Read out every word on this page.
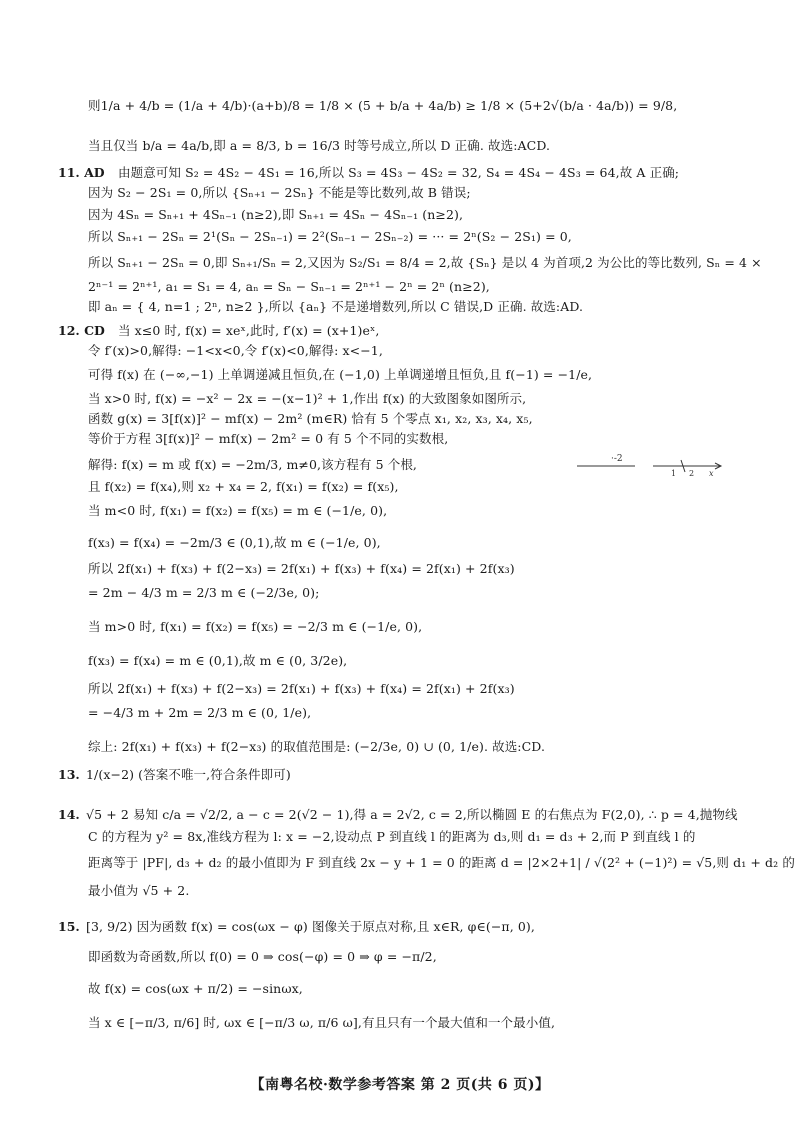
则1/a + 4/b = (1/a + 4/b)·(a+b)/8 = 1/8 × (5 + b/a + 4a/b) ≥ 1/8 × (5+2√(b/a · 4a/b)) = 9/8,
当且仅当 b/a = 4a/b,即 a = 8/3, b = 16/3 时等号成立,所以 D 正确. 故选:ACD.
11. AD 由题意可知 S₂ = 4S₂ − 4S₁ = 16,所以 S₃ = 4S₃ − 4S₂ = 32, S₄ = 4S₄ − 4S₃ = 64,故 A 正确;
因为 S₂ − 2S₁ = 0,所以 {Sₙ₊₁ − 2Sₙ} 不能是等比数列,故 B 错误;
因为 4Sₙ = Sₙ₊₁ + 4Sₙ₋₁ (n≥2),即 Sₙ₊₁ = 4Sₙ − 4Sₙ₋₁ (n≥2),
所以 Sₙ₊₁ − 2Sₙ = 2¹(Sₙ − 2Sₙ₋₁) = 2²(Sₙ₋₁ − 2Sₙ₋₂) = ··· = 2ⁿ(S₂ − 2S₁) = 0,
所以 Sₙ₊₁ − 2Sₙ = 0,即 Sₙ₊₁/Sₙ = 2,又因为 S₂/S₁ = 8/4 = 2,故 {Sₙ} 是以 4 为首项,2 为公比的等比数列, Sₙ = 4 ×
2ⁿ⁻¹ = 2ⁿ⁺¹, a₁ = S₁ = 4, aₙ = Sₙ − Sₙ₋₁ = 2ⁿ⁺¹ − 2ⁿ = 2ⁿ (n≥2),
即 aₙ = { 4, n=1 ; 2ⁿ, n≥2 },所以 {aₙ} 不是递增数列,所以 C 错误,D 正确. 故选:AD.
12. CD 当 x≤0 时, f(x) = xeˣ,此时, f′(x) = (x+1)eˣ,
令 f′(x)>0,解得: −1<x<0,令 f′(x)<0,解得: x<−1,
可得 f(x) 在 (−∞,−1) 上单调递减且恒负,在 (−1,0) 上单调递增且恒负,且 f(−1) = −1/e,
当 x>0 时, f(x) = −x² − 2x = −(x−1)² + 1,作出 f(x) 的大致图象如图所示,
函数 g(x) = 3[f(x)]² − mf(x) − 2m² (m∈R) 恰有 5 个零点 x₁, x₂, x₃, x₄, x₅,
等价于方程 3[f(x)]² − mf(x) − 2m² = 0 有 5 个不同的实数根,
解得: f(x) = m 或 f(x) = −2m/3, m≠0,该方程有 5 个根,
且 f(x₂) = f(x₄),则 x₂ + x₄ = 2, f(x₁) = f(x₂) = f(x₅),
当 m<0 时, f(x₁) = f(x₂) = f(x₅) = m ∈ (−1/e, 0),
f(x₃) = f(x₄) = −2m/3 ∈ (0,1),故 m ∈ (−1/e, 0),
所以 2f(x₁) + f(x₃) + f(2−x₃) = 2f(x₁) + f(x₃) + f(x₄) = 2f(x₁) + 2f(x₃)
= 2m − 4/3 m = 2/3 m ∈ (−2/3e, 0);
当 m>0 时, f(x₁) = f(x₂) = f(x₅) = −2/3 m ∈ (−1/e, 0),
f(x₃) = f(x₄) = m ∈ (0,1),故 m ∈ (0, 3/2e),
所以 2f(x₁) + f(x₃) + f(2−x₃) = 2f(x₁) + f(x₃) + f(x₄) = 2f(x₁) + 2f(x₃)
= −4/3 m + 2m = 2/3 m ∈ (0, 1/e),
综上: 2f(x₁) + f(x₃) + f(2−x₃) 的取值范围是: (−2/3e, 0) ∪ (0, 1/e). 故选:CD.
13. 1/(x−2) (答案不唯一,符合条件即可)
14. √5 + 2 易知 c/a = √2/2, a − c = 2(√2 − 1),得 a = 2√2, c = 2,所以椭圆 E 的右焦点为 F(2,0), ∴ p = 4,抛物线
C 的方程为 y² = 8x,准线方程为 l: x = −2,设动点 P 到直线 l 的距离为 d₃,则 d₁ = d₃ + 2,而 P 到直线 l 的
距离等于 |PF|, d₃ + d₂ 的最小值即为 F 到直线 2x − y + 1 = 0 的距离 d = |2×2+1| / √(2² + (−1)²) = √5,则 d₁ + d₂ 的
最小值为 √5 + 2.
15. [3, 9/2) 因为函数 f(x) = cos(ωx − φ) 图像关于原点对称,且 x∈R, φ∈(−π, 0),
即函数为奇函数,所以 f(0) = 0 ⇒ cos(−φ) = 0 ⇒ φ = −π/2,
故 f(x) = cos(ωx + π/2) = −sinωx,
当 x ∈ [−π/3, π/6] 时, ωx ∈ [−π/3 ω, π/6 ω],有且只有一个最大值和一个最小值,
·-2
1 2 x
【南粤名校·数学参考答案 第 2 页(共 6 页)】
